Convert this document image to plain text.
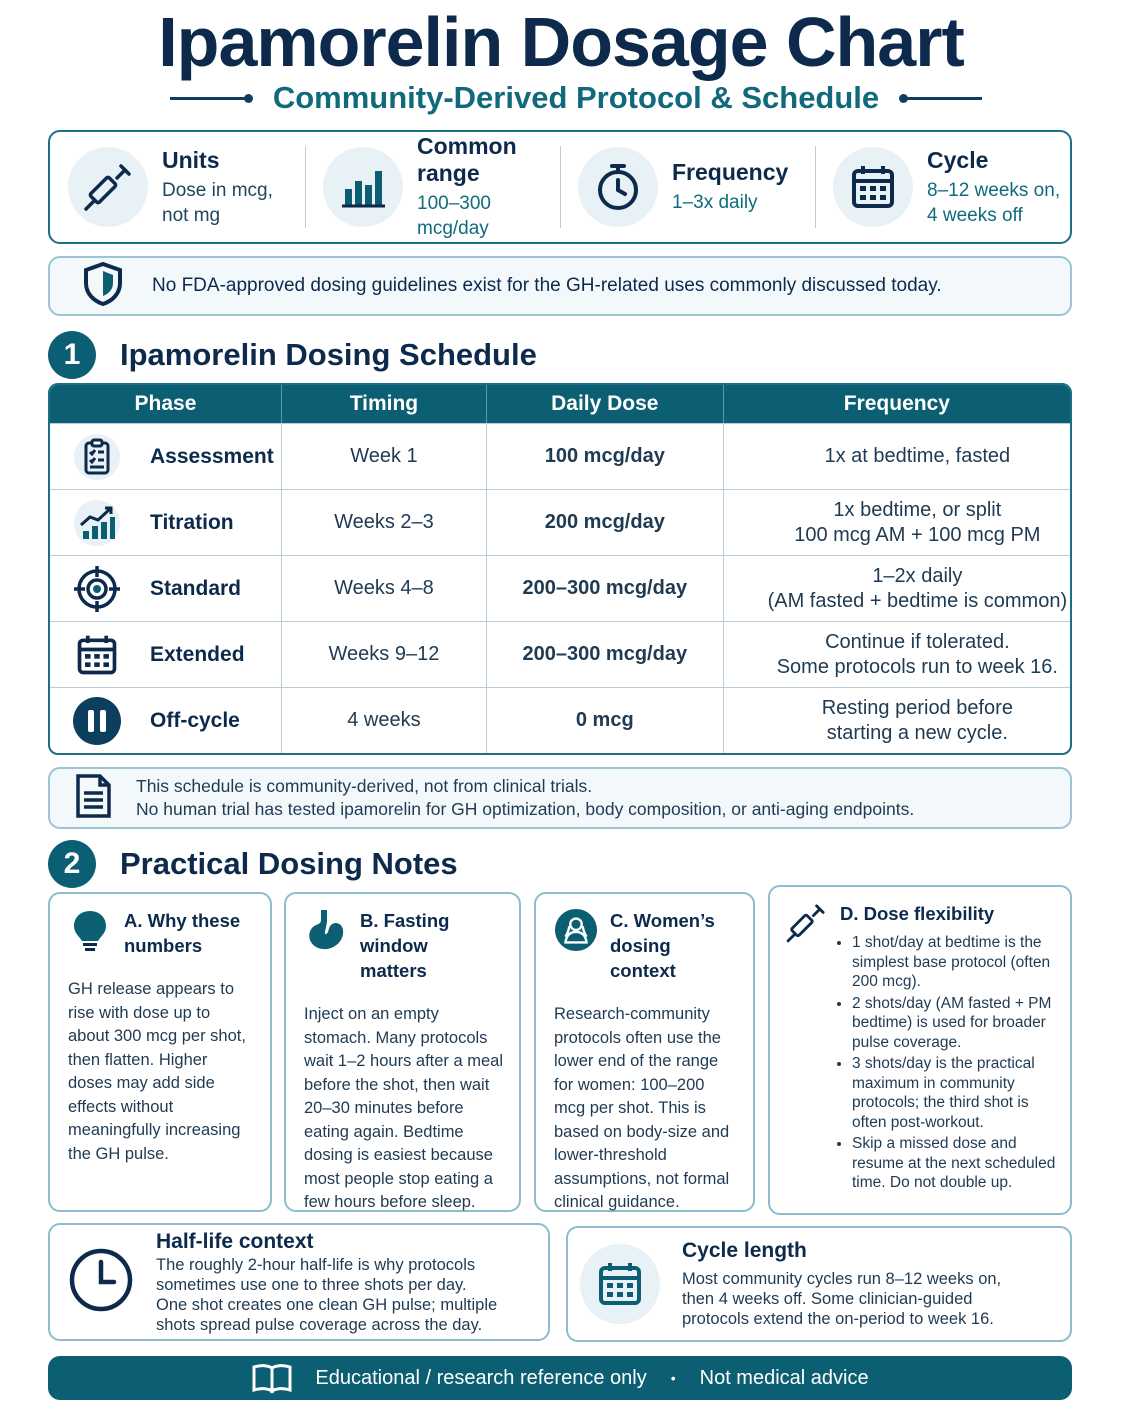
Ipamorelin Dosage Chart
Community-Derived Protocol & Schedule
Units
Dose in mcg,
not mg
Common range
100–300 mcg/day
Frequency
1–3x daily
Cycle
8–12 weeks on,
4 weeks off
No FDA-approved dosing guidelines exist for the GH-related uses commonly discussed today.
1	Ipamorelin Dosing Schedule
Phase	Timing	Daily Dose	Frequency

Assessment	Week 1	100 mcg/day	1x at bedtime, fasted

Titration	Weeks 2–3	200 mcg/day	1x bedtime, or split
100 mcg AM + 100 mcg PM

Standard	Weeks 4–8	200–300 mcg/day	1–2x daily
(AM fasted + bedtime is common)

Extended	Weeks 9–12	200–300 mcg/day	Continue if tolerated.
Some protocols run to week 16.

Off-cycle	4 weeks	0 mcg	Resting period before
starting a new cycle.
This schedule is community-derived, not from clinical trials.
No human trial has tested ipamorelin for GH optimization, body composition, or anti-aging endpoints.
2	Practical Dosing Notes
A. Why these
numbers
GH release appears to rise with dose up to about 300 mcg per shot, then flatten. Higher doses may add side effects without meaningfully increasing the GH pulse.
B. Fasting window
matters
Inject on an empty stomach. Many protocols wait 1–2 hours after a meal before the shot, then wait 20–30 minutes before eating again. Bedtime dosing is easiest because most people stop eating a few hours before sleep.
C. Women’s dosing
context
Research-community protocols often use the lower end of the range for women: 100–200 mcg per shot. This is based on body-size and lower-threshold assumptions, not formal clinical guidance.
D. Dose flexibility
• 1 shot/day at bedtime is the simplest base protocol (often 200 mcg).
• 2 shots/day (AM fasted + PM bedtime) is used for broader pulse coverage.
• 3 shots/day is the practical maximum in community protocols; the third shot is often post-workout.
• Skip a missed dose and resume at the next scheduled time. Do not double up.
Half-life context
The roughly 2-hour half-life is why protocols
sometimes use one to three shots per day.
One shot creates one clean GH pulse; multiple
shots spread pulse coverage across the day.
Cycle length
Most community cycles run 8–12 weeks on,
then 4 weeks off. Some clinician-guided
protocols extend the on-period to week 16.
Educational / research reference only • Not medical advice
